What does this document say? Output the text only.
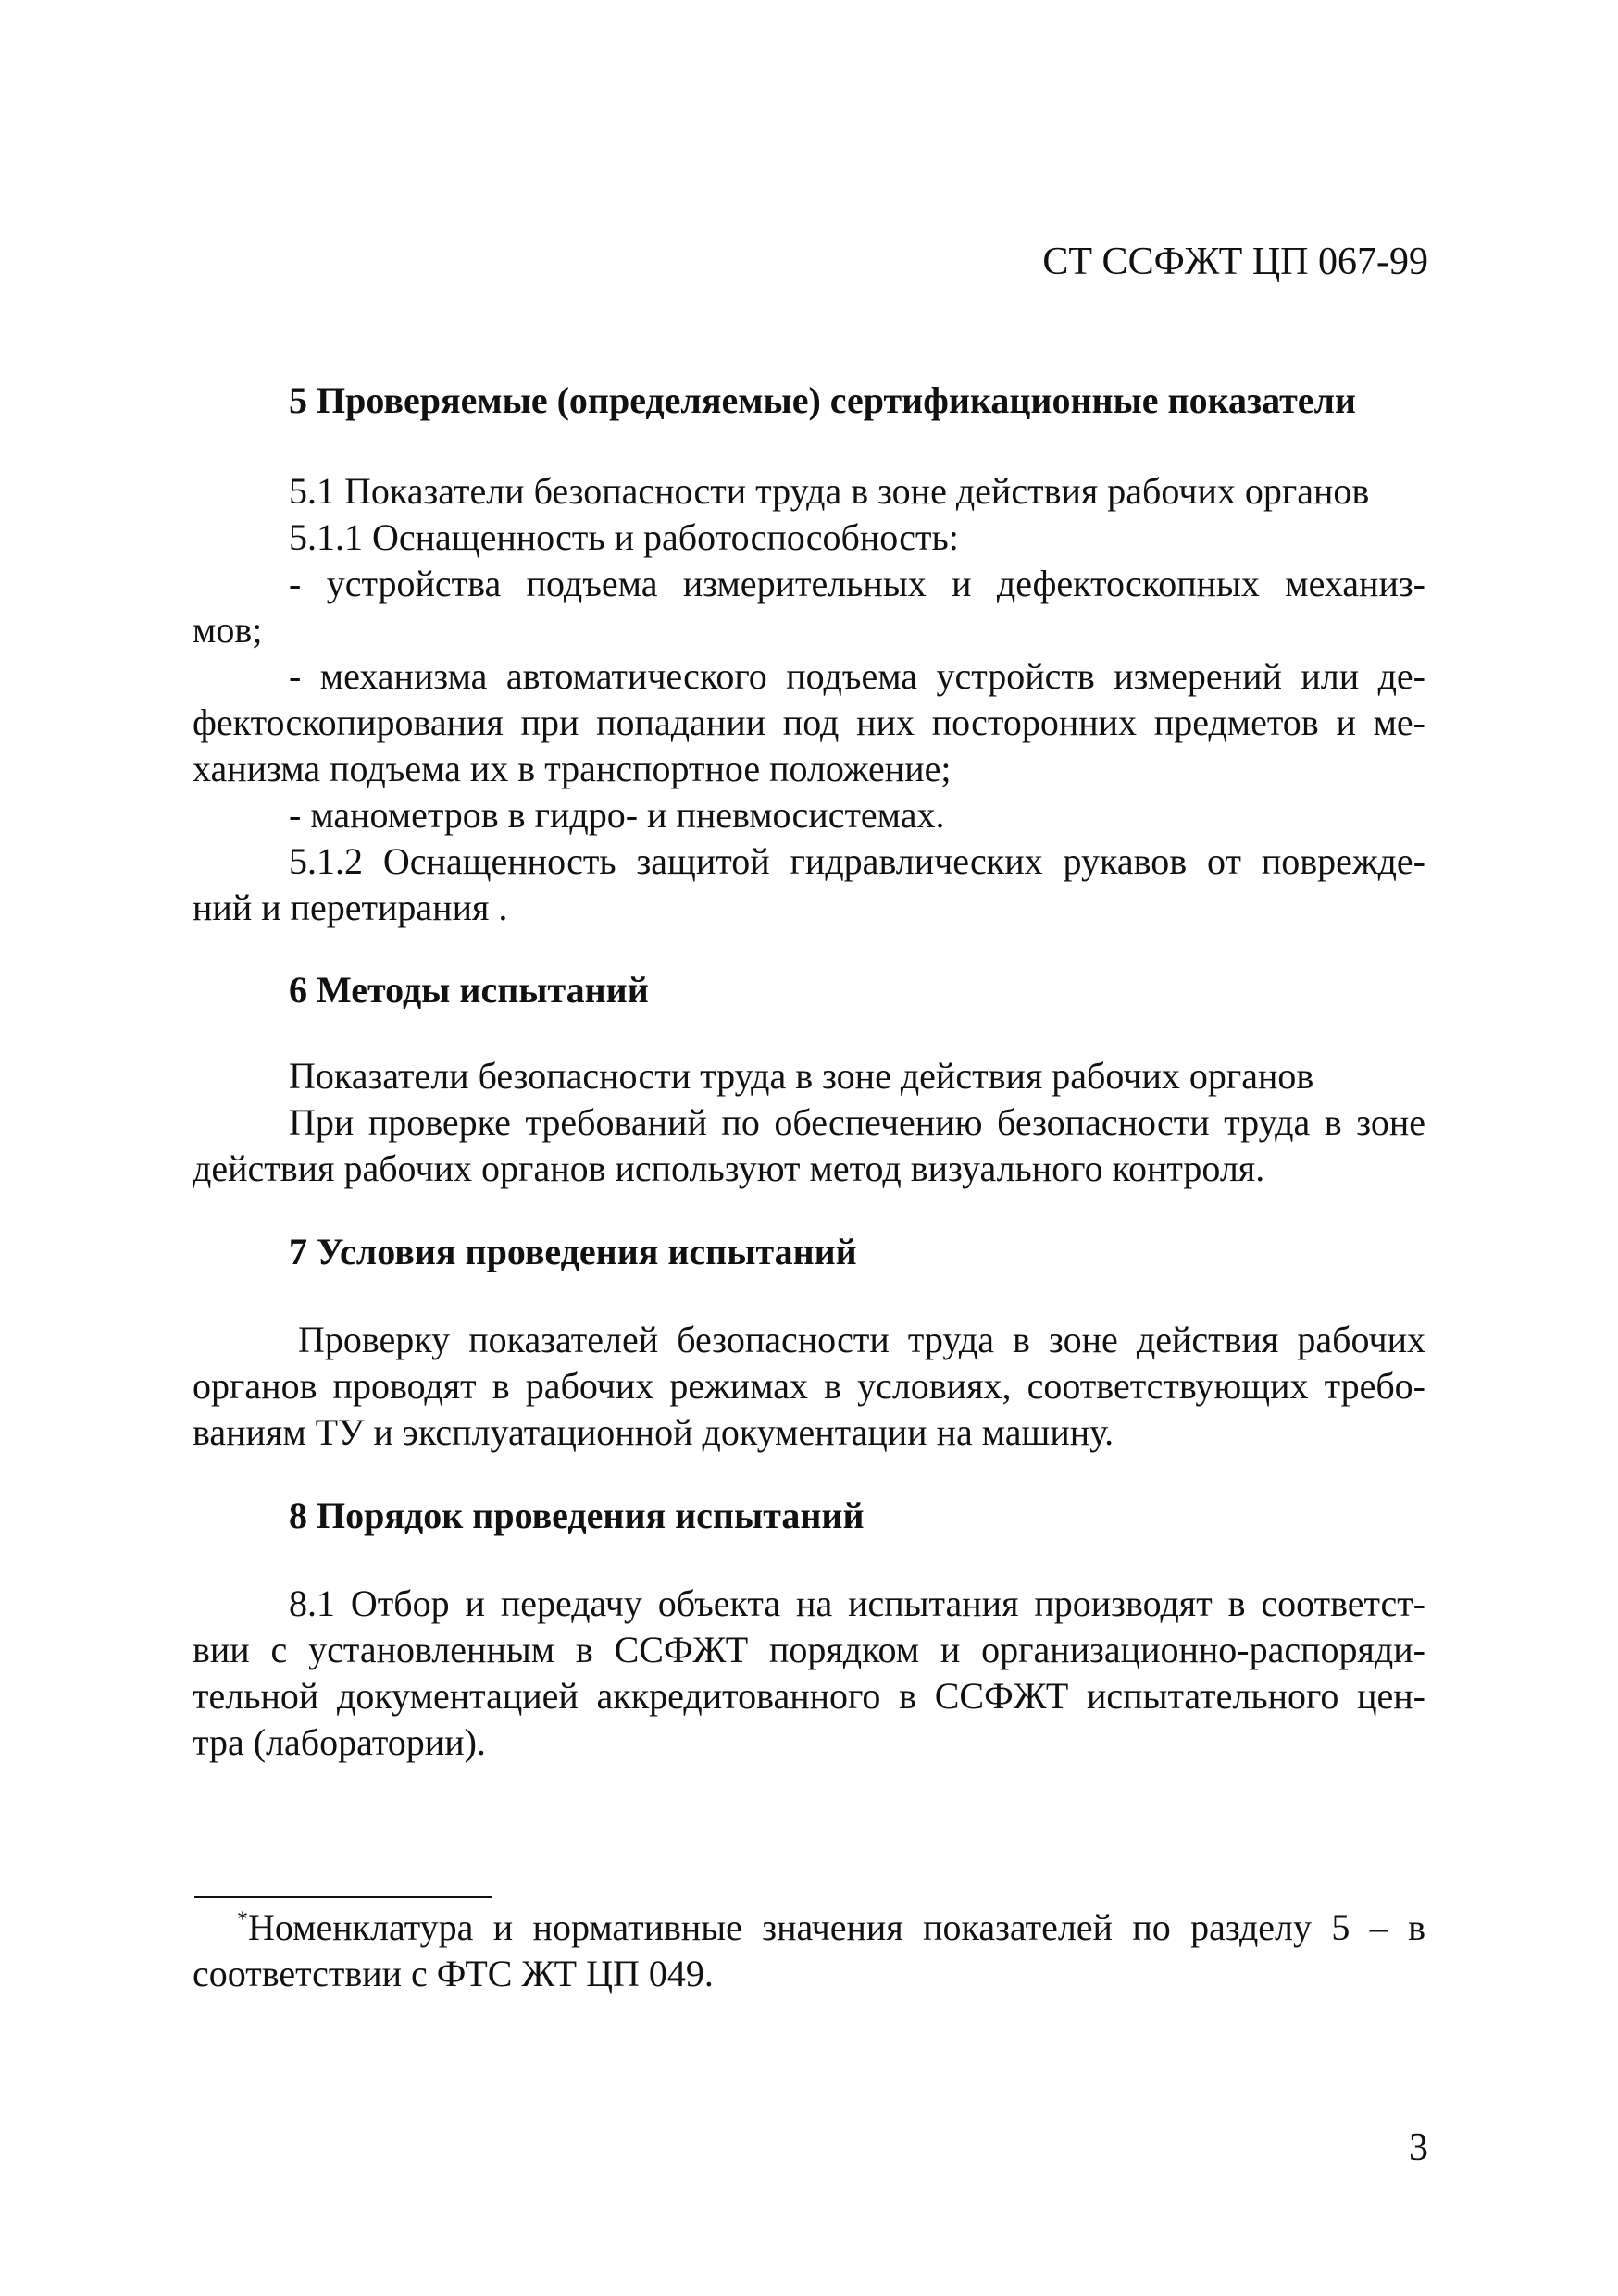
СТ ССФЖТ ЦП 067-99
5 Проверяемые (определяемые) сертификационные показатели
5.1 Показатели безопасности труда в зоне действия рабочих органов
5.1.1 Оснащенность и работоспособность:
- устройства подъема измерительных и дефектоскопных механиз-
мов;
- механизма автоматического подъема устройств измерений или де-
фектоскопирования при попадании под них посторонних предметов и ме-
ханизма подъема их в транспортное положение;
- манометров в гидро- и пневмосистемах.
5.1.2 Оснащенность защитой гидравлических рукавов от поврежде-
ний и перетирания .
6 Методы испытаний
Показатели безопасности труда в зоне действия рабочих органов
При проверке требований по обеспечению безопасности труда в зоне
действия рабочих органов используют метод визуального контроля.
7 Условия проведения испытаний
Проверку показателей безопасности труда в зоне действия рабочих
органов проводят в рабочих режимах в условиях, соответствующих требо-
ваниям ТУ и эксплуатационной документации на машину.
8 Порядок проведения испытаний
8.1 Отбор и передачу объекта на испытания производят в соответст-
вии с установленным в ССФЖТ порядком и организационно-распоряди-
тельной документацией аккредитованного в ССФЖТ испытательного цен-
тра (лаборатории).
*Номенклатура и нормативные значения показателей по разделу 5 – в
соответствии с ФТС ЖТ ЦП 049.
3
